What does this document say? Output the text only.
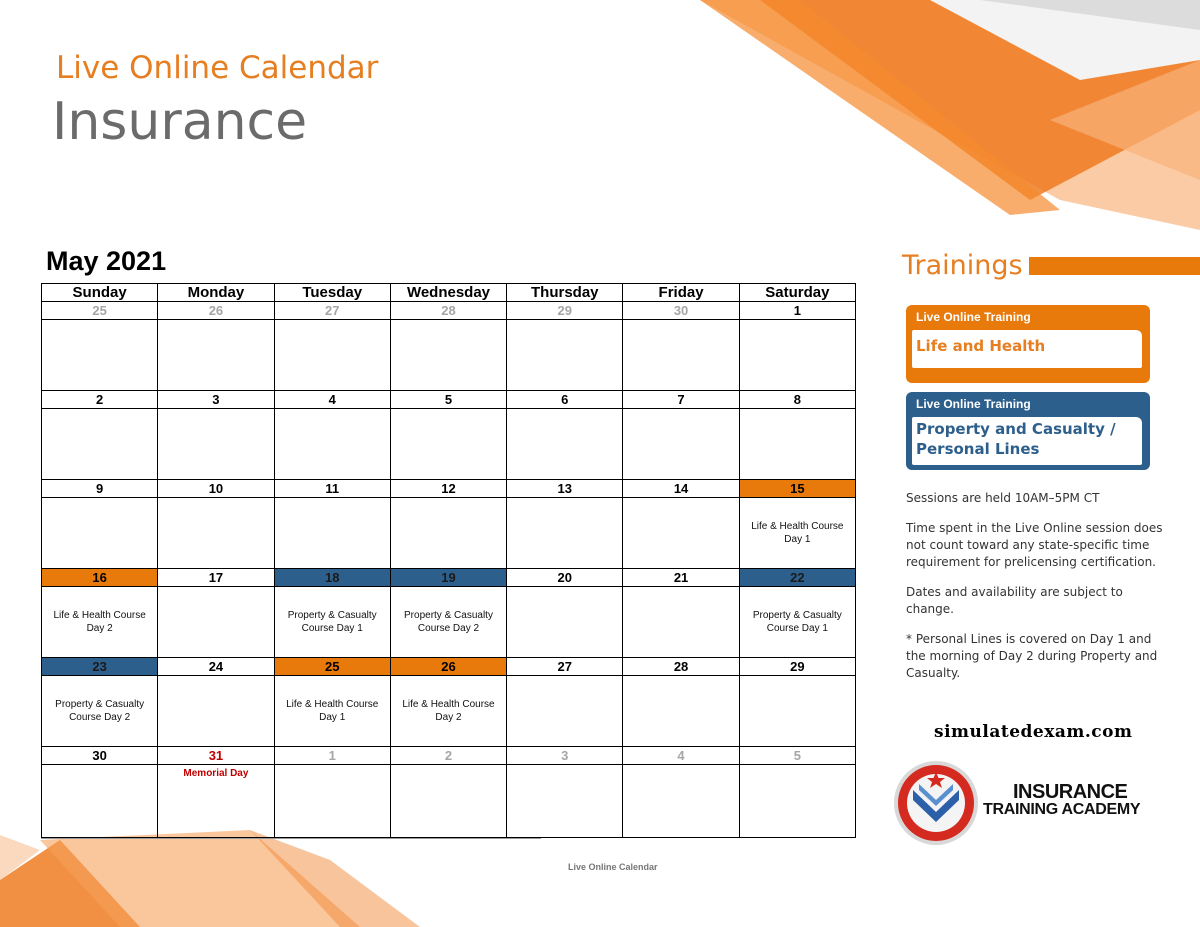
Live Online Calendar
Insurance
May 2021
Sunday	Monday	Tuesday	Wednesday	Thursday	Friday	Saturday
25	26	27	28	29	30	1

2	3	4	5	6	7	8

9	10	11	12	13	14	15

						Life & Health Course Day 1

16	17	18	19	20	21	22

Life & Health Course Day 2		Property & Casualty Course Day 1	Property & Casualty Course Day 2			Property & Casualty Course Day 1

23	24	25	26	27	28	29

Property & Casualty Course Day 2		Life & Health Course Day 1	Life & Health Course Day 2			

30	31	1	2	3	4	5

	Memorial Day					

Trainings
Live Online Training
Life and Health
Live Online Training
Property and Casualty /
Personal Lines

Sessions are held 10AM–5PM CT

Time spent in the Live Online session does not count toward any state-specific time requirement for prelicensing certification.

Dates and availability are subject to change.

* Personal Lines is covered on Day 1 and the morning of Day 2 during Property and Casualty.

simulatedexam.com
INSURANCE
TRAINING ACADEMY
Live Online Calendar
